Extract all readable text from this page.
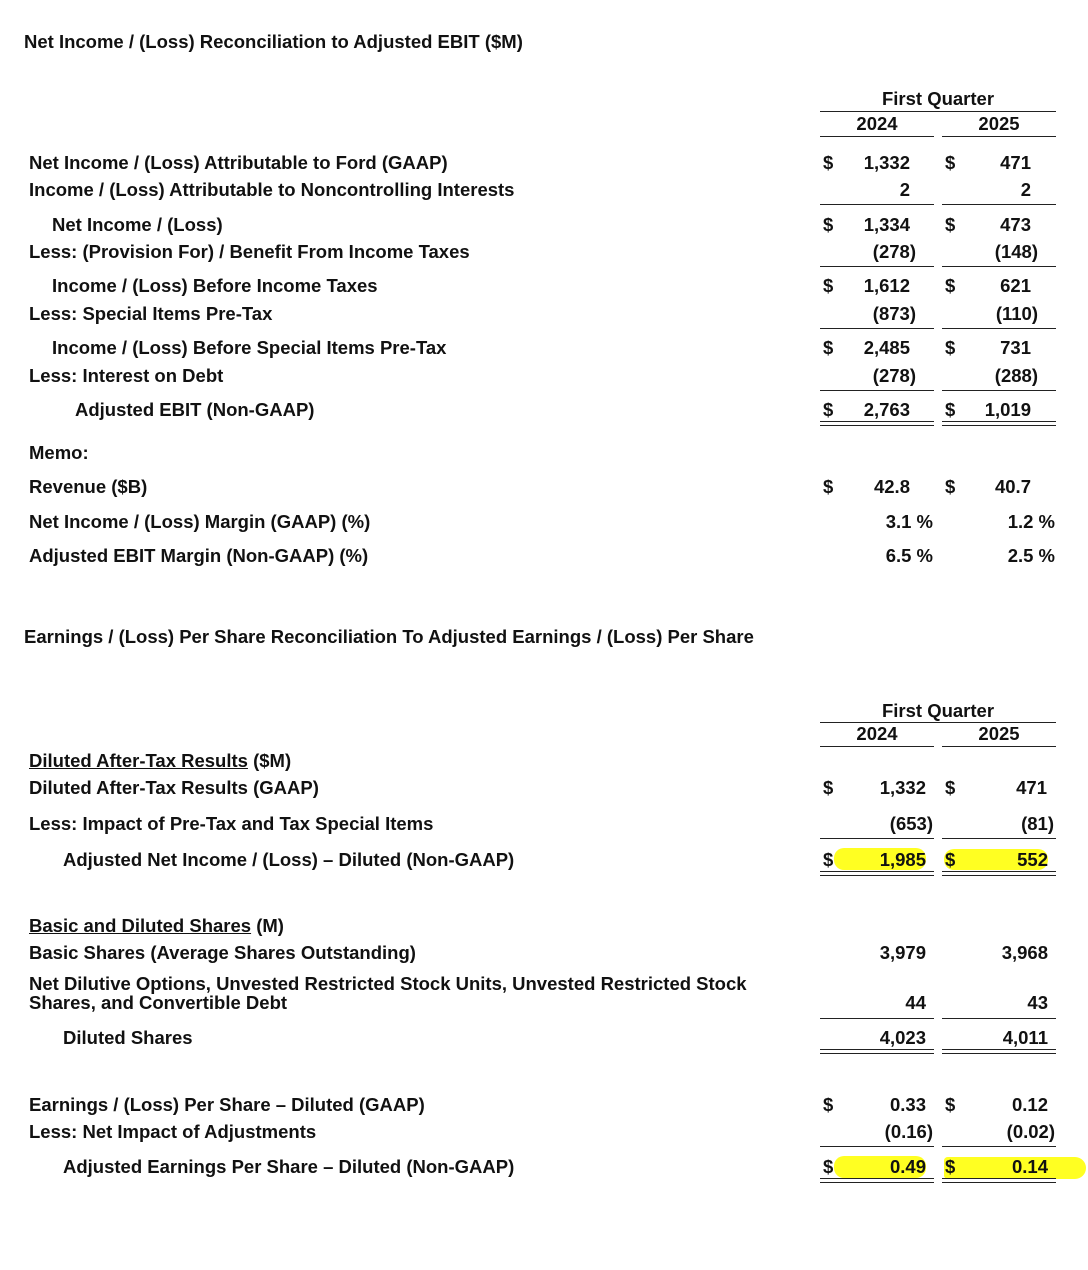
Net Income / (Loss) Reconciliation to Adjusted EBIT ($M)
First Quarter
2024	2025
Net Income / (Loss) Attributable to Ford (GAAP)	$	1,332 $	471
Income / (Loss) Attributable to Noncontrolling Interests	2	2
Net Income / (Loss)	$	1,334 $	473
Less: (Provision For) / Benefit From Income Taxes	(278)	(148)
Income / (Loss) Before Income Taxes	$	1,612 $	621
Less: Special Items Pre-Tax	(873)	(110)
Income / (Loss) Before Special Items Pre-Tax	$	2,485 $	731
Less: Interest on Debt	(278)	(288)
Adjusted EBIT (Non-GAAP)	$	2,763 $	1,019
Memo:
Revenue ($B)	$	42.8 $	40.7
Net Income / (Loss) Margin (GAAP) (%)	3.1 %	1.2 %
Adjusted EBIT Margin (Non-GAAP) (%)	6.5 %	2.5 %
Earnings / (Loss) Per Share Reconciliation To Adjusted Earnings / (Loss) Per Share
First Quarter
2024	2025
Diluted After-Tax Results ($M)
Diluted After-Tax Results (GAAP)	$	1,332 $	471
Less: Impact of Pre-Tax and Tax Special Items	(653)	(81)
Adjusted Net Income / (Loss) – Diluted (Non-GAAP)	$	1,985 $	552
Basic and Diluted Shares (M)
Basic Shares (Average Shares Outstanding)	3,979	3,968
Net Dilutive Options, Unvested Restricted Stock Units, Unvested Restricted Stock
Shares, and Convertible Debt	44	43
Diluted Shares	4,023	4,011
Earnings / (Loss) Per Share – Diluted (GAAP)	$	0.33 $	0.12
Less: Net Impact of Adjustments	(0.16)	(0.02)
Adjusted Earnings Per Share – Diluted (Non-GAAP)	$	0.49 $	0.14
